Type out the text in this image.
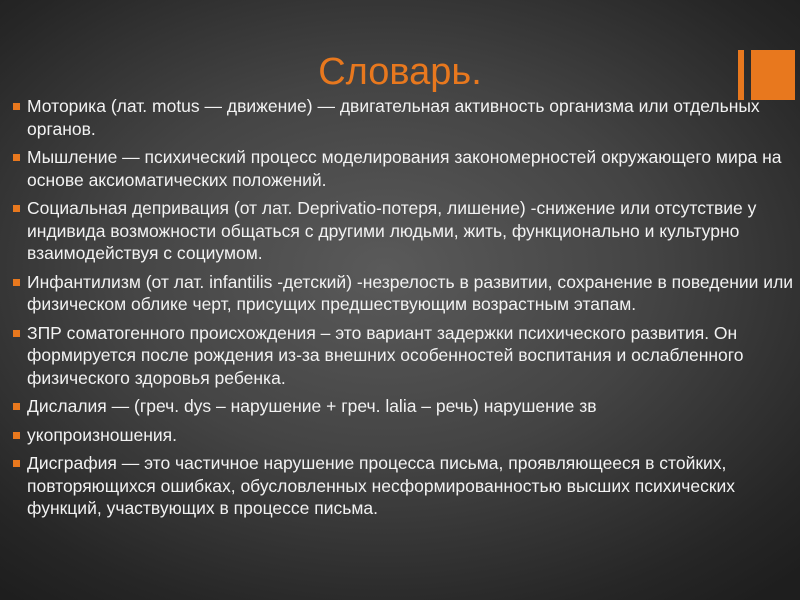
Словарь.
Моторика (лат. motus — движение) — двигательная активность организма или отдельных органов.
Мышление — психический процесс моделирования закономерностей окружающего мира на основе аксиоматических положений.
Социальная депривация (от лат. Deprivatio-потеря, лишение) -снижение или отсутствие у индивида возможности общаться с другими людьми, жить, функционально и культурно взаимодействуя с социумом.
Инфантилизм (от лат. infantilis -детский) -незрелость в развитии, сохранение в поведении или физическом облике черт, присущих предшествующим возрастным этапам.
ЗПР соматогенного происхождения – это вариант задержки психического развития. Он формируется после рождения из-за внешних особенностей воспитания и ослабленного физического здоровья ребенка.
Дислалия — (греч. dys – нарушение + греч. lalia – речь) нарушение зв
укопроизношения.
Дисграфия — это частичное нарушение процесса письма, проявляющееся в стойких, повторяющихся ошибках, обусловленных несформированностью высших психических функций, участвующих в процессе письма.
